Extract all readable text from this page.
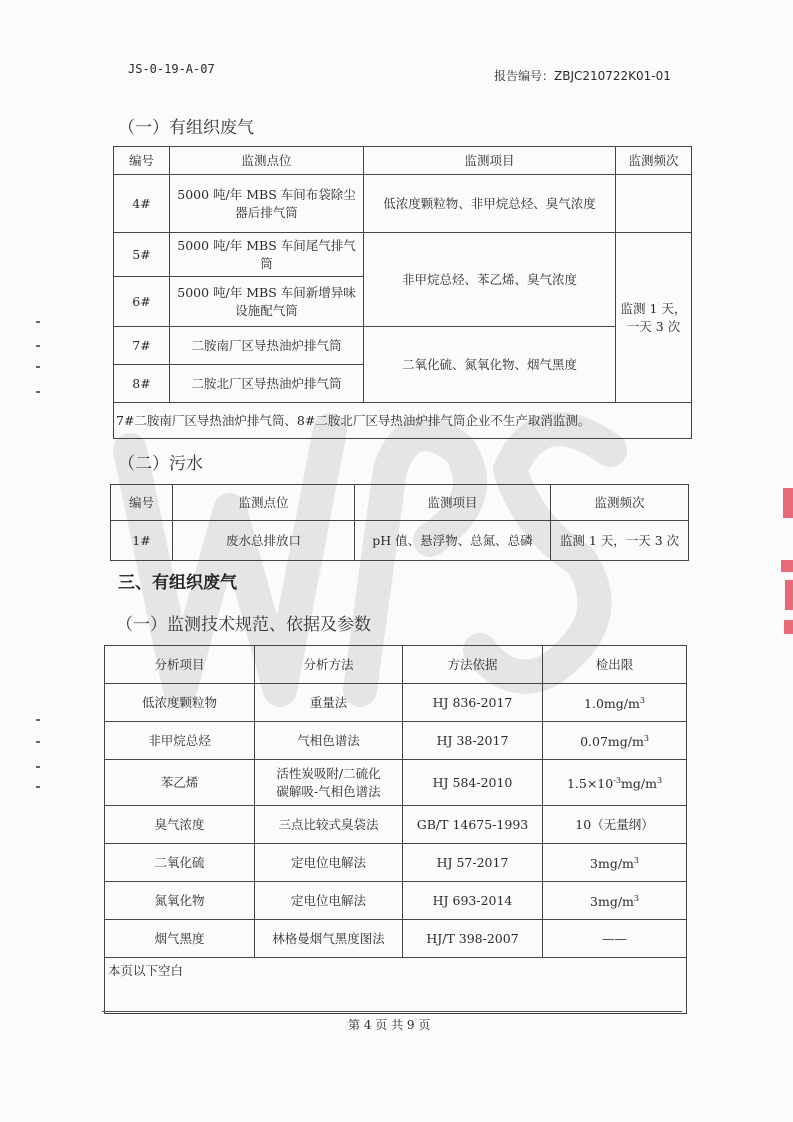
JS-0-19-A-07	报告编号：ZBJC210722K01-01
（一）有组织废气
编号	监测点位	监测项目	监测频次
4#	5000 吨/年 MBS 车间布袋除尘器后排气筒	低浓度颗粒物、非甲烷总烃、臭气浓度	
5#	5000 吨/年 MBS 车间尾气排气筒	非甲烷总烃、苯乙烯、臭气浓度	监测 1 天，
一天 3 次
6#	5000 吨/年 MBS 车间新增异味设施配气筒		
7#	二胺南厂区导热油炉排气筒	二氧化硫、氮氧化物、烟气黑度	
8#	二胺北厂区导热油炉排气筒		
7#二胺南厂区导热油炉排气筒、8#二胺北厂区导热油炉排气筒企业不生产取消监测。			
（二）污水
编号	监测点位	监测项目	监测频次
1#	废水总排放口	pH 值、悬浮物、总氮、总磷	监测 1 天，一天 3 次
三、有组织废气
（一）监测技术规范、依据及参数
分析项目	分析方法	方法依据	检出限
低浓度颗粒物	重量法	HJ 836-2017	$1.0mg/m^3$
非甲烷总烃	气相色谱法	HJ 38-2017	$0.07mg/m^3$
苯乙烯	活性炭吸附/二硫化碳解吸-气相色谱法	HJ 584-2010	$1.5\times 10^{-3}mg/m^3$
臭气浓度	三点比较式臭袋法	GB/T 14675-1993	10（无量纲）
二氧化硫	定电位电解法	HJ 57-2017	$3mg/m^3$
氮氧化物	定电位电解法	HJ 693-2014	$3mg/m^3$
烟气黑度	林格曼烟气黑度图法	HJ/T 398-2007	——
本页以下空白			
第 4 页 共 9 页
